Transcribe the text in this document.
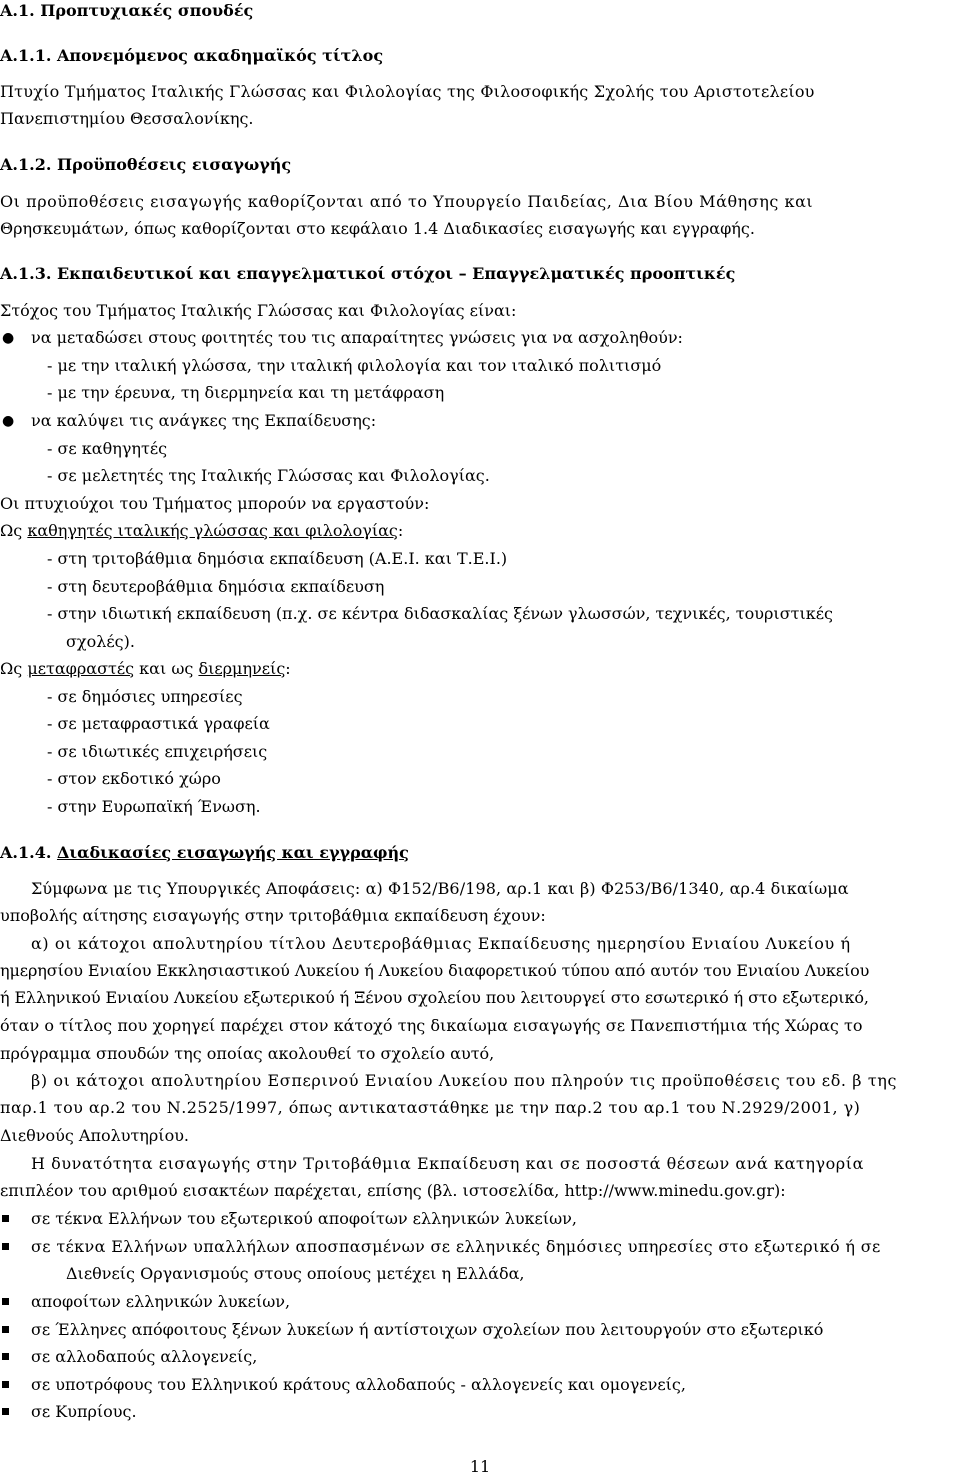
Α.1. Προπτυχιακές σπουδές
Α.1.1. Απονεμόμενος ακαδημαϊκός τίτλος
Πτυχίο Τμήματος Ιταλικής Γλώσσας και Φιλολογίας της Φιλοσοφικής Σχολής του Αριστοτελείου
Πανεπιστημίου Θεσσαλονίκης.
Α.1.2. Προϋποθέσεις εισαγωγής
Οι προϋποθέσεις εισαγωγής καθορίζονται από το Υπουργείο Παιδείας, Δια Βίου Μάθησης και
Θρησκευμάτων, όπως καθορίζονται στο κεφάλαιο 1.4 Διαδικασίες εισαγωγής και εγγραφής.
Α.1.3. Εκπαιδευτικοί και επαγγελματικοί στόχοι – Επαγγελματικές προοπτικές
Στόχος του Τμήματος Ιταλικής Γλώσσας και Φιλολογίας είναι:
● να μεταδώσει στους φοιτητές του τις απαραίτητες γνώσεις για να ασχοληθούν:
- με την ιταλική γλώσσα, την ιταλική φιλολογία και τον ιταλικό πολιτισμό
- με την έρευνα, τη διερμηνεία και τη μετάφραση
● να καλύψει τις ανάγκες της Εκπαίδευσης:
- σε καθηγητές
- σε μελετητές της Ιταλικής Γλώσσας και Φιλολογίας.
Οι πτυχιούχοι του Τμήματος μπορούν να εργαστούν:
Ως καθηγητές ιταλικής γλώσσας και φιλολογίας:
- στη τριτοβάθμια δημόσια εκπαίδευση (Α.Ε.Ι. και Τ.Ε.Ι.)
- στη δευτεροβάθμια δημόσια εκπαίδευση
- στην ιδιωτική εκπαίδευση (π.χ. σε κέντρα διδασκαλίας ξένων γλωσσών, τεχνικές, τουριστικές
σχολές).
Ως μεταφραστές και ως διερμηνείς:
- σε δημόσιες υπηρεσίες
- σε μεταφραστικά γραφεία
- σε ιδιωτικές επιχειρήσεις
- στον εκδοτικό χώρο
- στην Ευρωπαϊκή Ένωση.
Α.1.4. Διαδικασίες εισαγωγής και εγγραφής
Σύμφωνα με τις Υπουργικές Αποφάσεις: α) Φ152/Β6/198, αρ.1 και β) Φ253/Β6/1340, αρ.4 δικαίωμα
υποβολής αίτησης εισαγωγής στην τριτοβάθμια εκπαίδευση έχουν:
α) οι κάτοχοι απολυτηρίου τίτλου Δευτεροβάθμιας Εκπαίδευσης ημερησίου Ενιαίου Λυκείου ή
ημερησίου Ενιαίου Εκκλησιαστικού Λυκείου ή Λυκείου διαφορετικού τύπου από αυτόν του Ενιαίου Λυκείου
ή Ελληνικού Ενιαίου Λυκείου εξωτερικού ή Ξένου σχολείου που λειτουργεί στο εσωτερικό ή στο εξωτερικό,
όταν ο τίτλος που χορηγεί παρέχει στον κάτοχό της δικαίωμα εισαγωγής σε Πανεπιστήμια τής Χώρας το
πρόγραμμα σπουδών της οποίας ακολουθεί το σχολείο αυτό,
β) οι κάτοχοι απολυτηρίου Εσπερινού Ενιαίου Λυκείου που πληρούν τις προϋποθέσεις του εδ. β της
παρ.1 του αρ.2 του Ν.2525/1997, όπως αντικαταστάθηκε με την παρ.2 του αρ.1 του Ν.2929/2001, γ)
Διεθνούς Απολυτηρίου.
Η δυνατότητα εισαγωγής στην Τριτοβάθμια Εκπαίδευση και σε ποσοστά θέσεων ανά κατηγορία
επιπλέον του αριθμού εισακτέων παρέχεται, επίσης (βλ. ιστοσελίδα, http://www.minedu.gov.gr):
σε τέκνα Ελλήνων του εξωτερικού αποφοίτων ελληνικών λυκείων,
σε τέκνα Ελλήνων υπαλλήλων αποσπασμένων σε ελληνικές δημόσιες υπηρεσίες στο εξωτερικό ή σε
Διεθνείς Οργανισμούς στους οποίους μετέχει η Ελλάδα,
αποφοίτων ελληνικών λυκείων,
σε Έλληνες απόφοιτους ξένων λυκείων ή αντίστοιχων σχολείων που λειτουργούν στο εξωτερικό
σε αλλοδαπούς αλλογενείς,
σε υποτρόφους του Ελληνικού κράτους αλλοδαπούς - αλλογενείς και ομογενείς,
σε Κυπρίους.
11
